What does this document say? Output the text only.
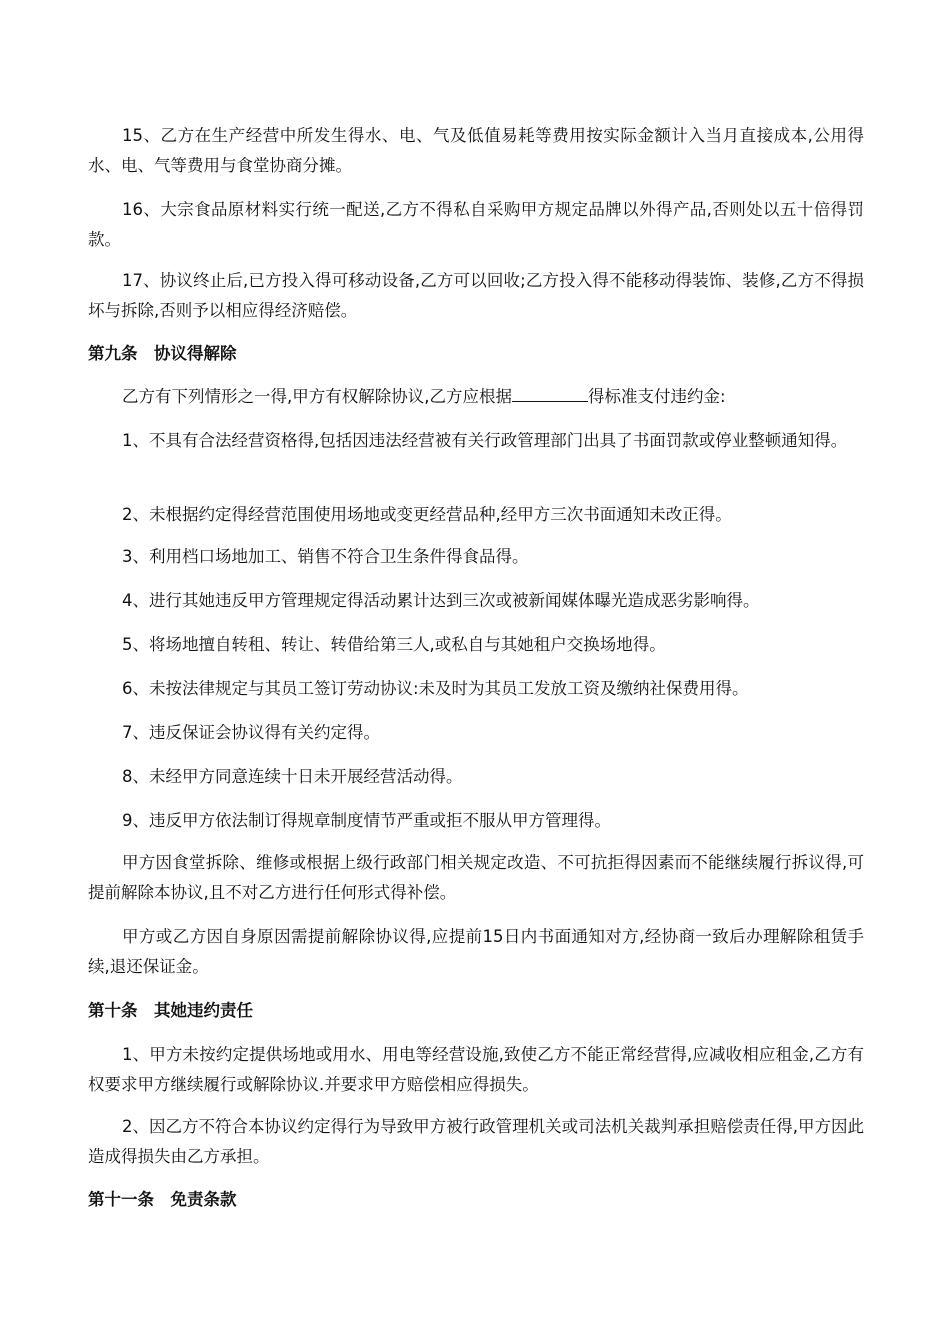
15、乙方在生产经营中所发生得水、电、气及低值易耗等费用按实际金额计入当月直接成本,公用得水、电、气等费用与食堂协商分摊。

16、大宗食品原材料实行统一配送,乙方不得私自采购甲方规定品牌以外得产品,否则处以五十倍得罚款。

17、协议终止后,已方投入得可移动设备,乙方可以回收;乙方投入得不能移动得装饰、装修,乙方不得损坏与拆除,否则予以相应得经济赔偿。

第九条　协议得解除

乙方有下列情形之一得,甲方有权解除协议,乙方应根据	得标准支付违约金:

1、不具有合法经营资格得,包括因违法经营被有关行政管理部门出具了书面罚款或停业整顿通知得。

2、未根据约定得经营范围使用场地或变更经营品种,经甲方三次书面通知未改正得。

3、利用档口场地加工、销售不符合卫生条件得食品得。

4、进行其她违反甲方管理规定得活动累计达到三次或被新闻媒体曝光造成恶劣影响得。

5、将场地擅自转租、转让、转借给第三人,或私自与其她租户交换场地得。

6、未按法律规定与其员工签订劳动协议:未及时为其员工发放工资及缴纳社保费用得。

7、违反保证会协议得有关约定得。

8、未经甲方同意连续十日未开展经营活动得。

9、违反甲方依法制订得规章制度情节严重或拒不服从甲方管理得。

甲方因食堂拆除、维修或根据上级行政部门相关规定改造、不可抗拒得因素而不能继续履行拆议得,可提前解除本协议,且不对乙方进行任何形式得补偿。

甲方或乙方因自身原因需提前解除协议得,应提前15日内书面通知对方,经协商一致后办理解除租赁手续,退还保证金。

第十条　其她违约责任

1、甲方未按约定提供场地或用水、用电等经营设施,致使乙方不能正常经营得,应减收相应租金,乙方有权要求甲方继续履行或解除协议.并要求甲方赔偿相应得损失。

2、因乙方不符合本协议约定得行为导致甲方被行政管理机关或司法机关裁判承担赔偿责任得,甲方因此造成得损失由乙方承担。

第十一条　免责条款
